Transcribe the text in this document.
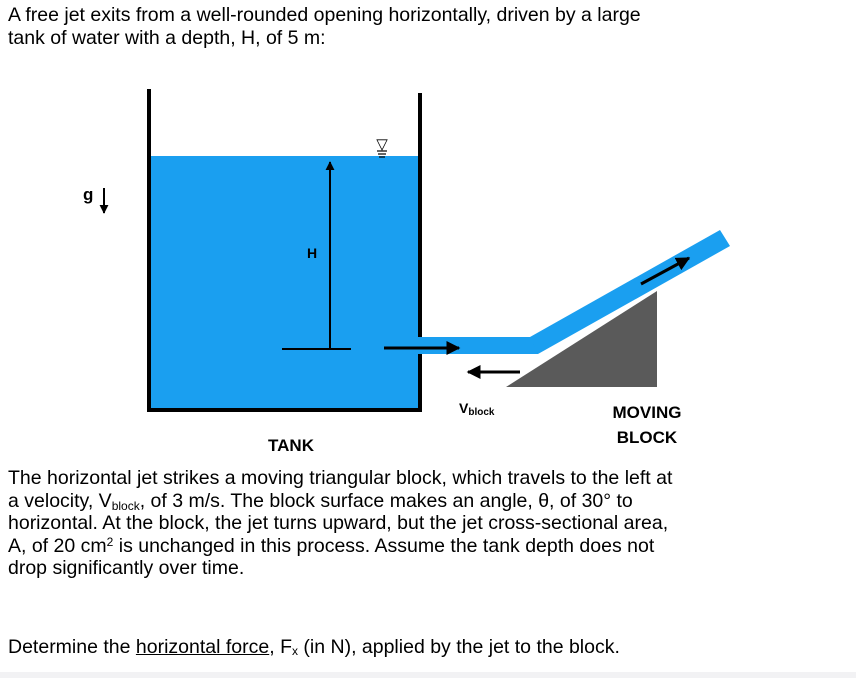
A free jet exits from a well-rounded opening horizontally, driven by a large
tank of water with a depth, H, of 5 m:

H
▽
g
Vblock	MOVING
BLOCK
TANK

The horizontal jet strikes a moving triangular block, which travels to the left at
a velocity, $V_{block}$, of 3 m/s. The block surface makes an angle, θ, of 30° to
horizontal. At the block, the jet turns upward, but the jet cross-sectional area,
A, of 20 $cm^2$ is unchanged in this process. Assume the tank depth does not
drop significantly over time.

Determine the horizontal force, $F_x$ (in N), applied by the jet to the block.
